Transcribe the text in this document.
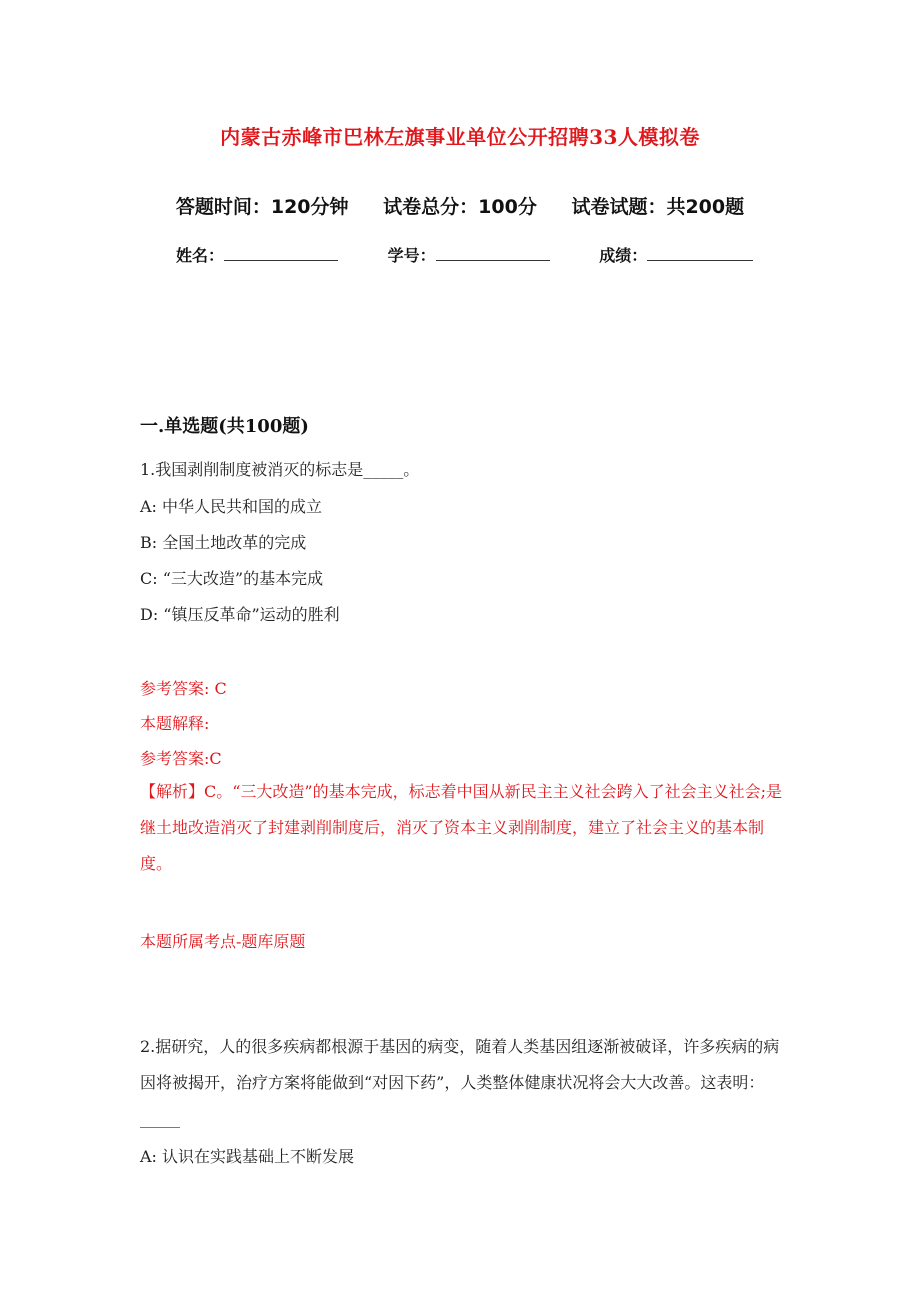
内蒙古赤峰市巴林左旗事业单位公开招聘33人模拟卷
答题时间：120分钟 试卷总分：100分 试卷试题：共200题
姓名：	学号：	成绩：
一.单选题(共100题)
1.我国剥削制度被消灭的标志是_____。
A: 中华人民共和国的成立
B: 全国土地改革的完成
C: “三大改造”的基本完成
D: “镇压反革命”运动的胜利
参考答案: C
本题解释:
参考答案:C
【解析】C。“三大改造”的基本完成，标志着中国从新民主主义社会跨入了社会主义社会;是继土地改造消灭了封建剥削制度后，消灭了资本主义剥削制度，建立了社会主义的基本制度。
本题所属考点-题库原题
2.据研究，人的很多疾病都根源于基因的病变，随着人类基因组逐渐被破译，许多疾病的病因将被揭开，治疗方案将能做到“对因下药”，人类整体健康状况将会大大改善。这表明：_____
A: 认识在实践基础上不断发展
